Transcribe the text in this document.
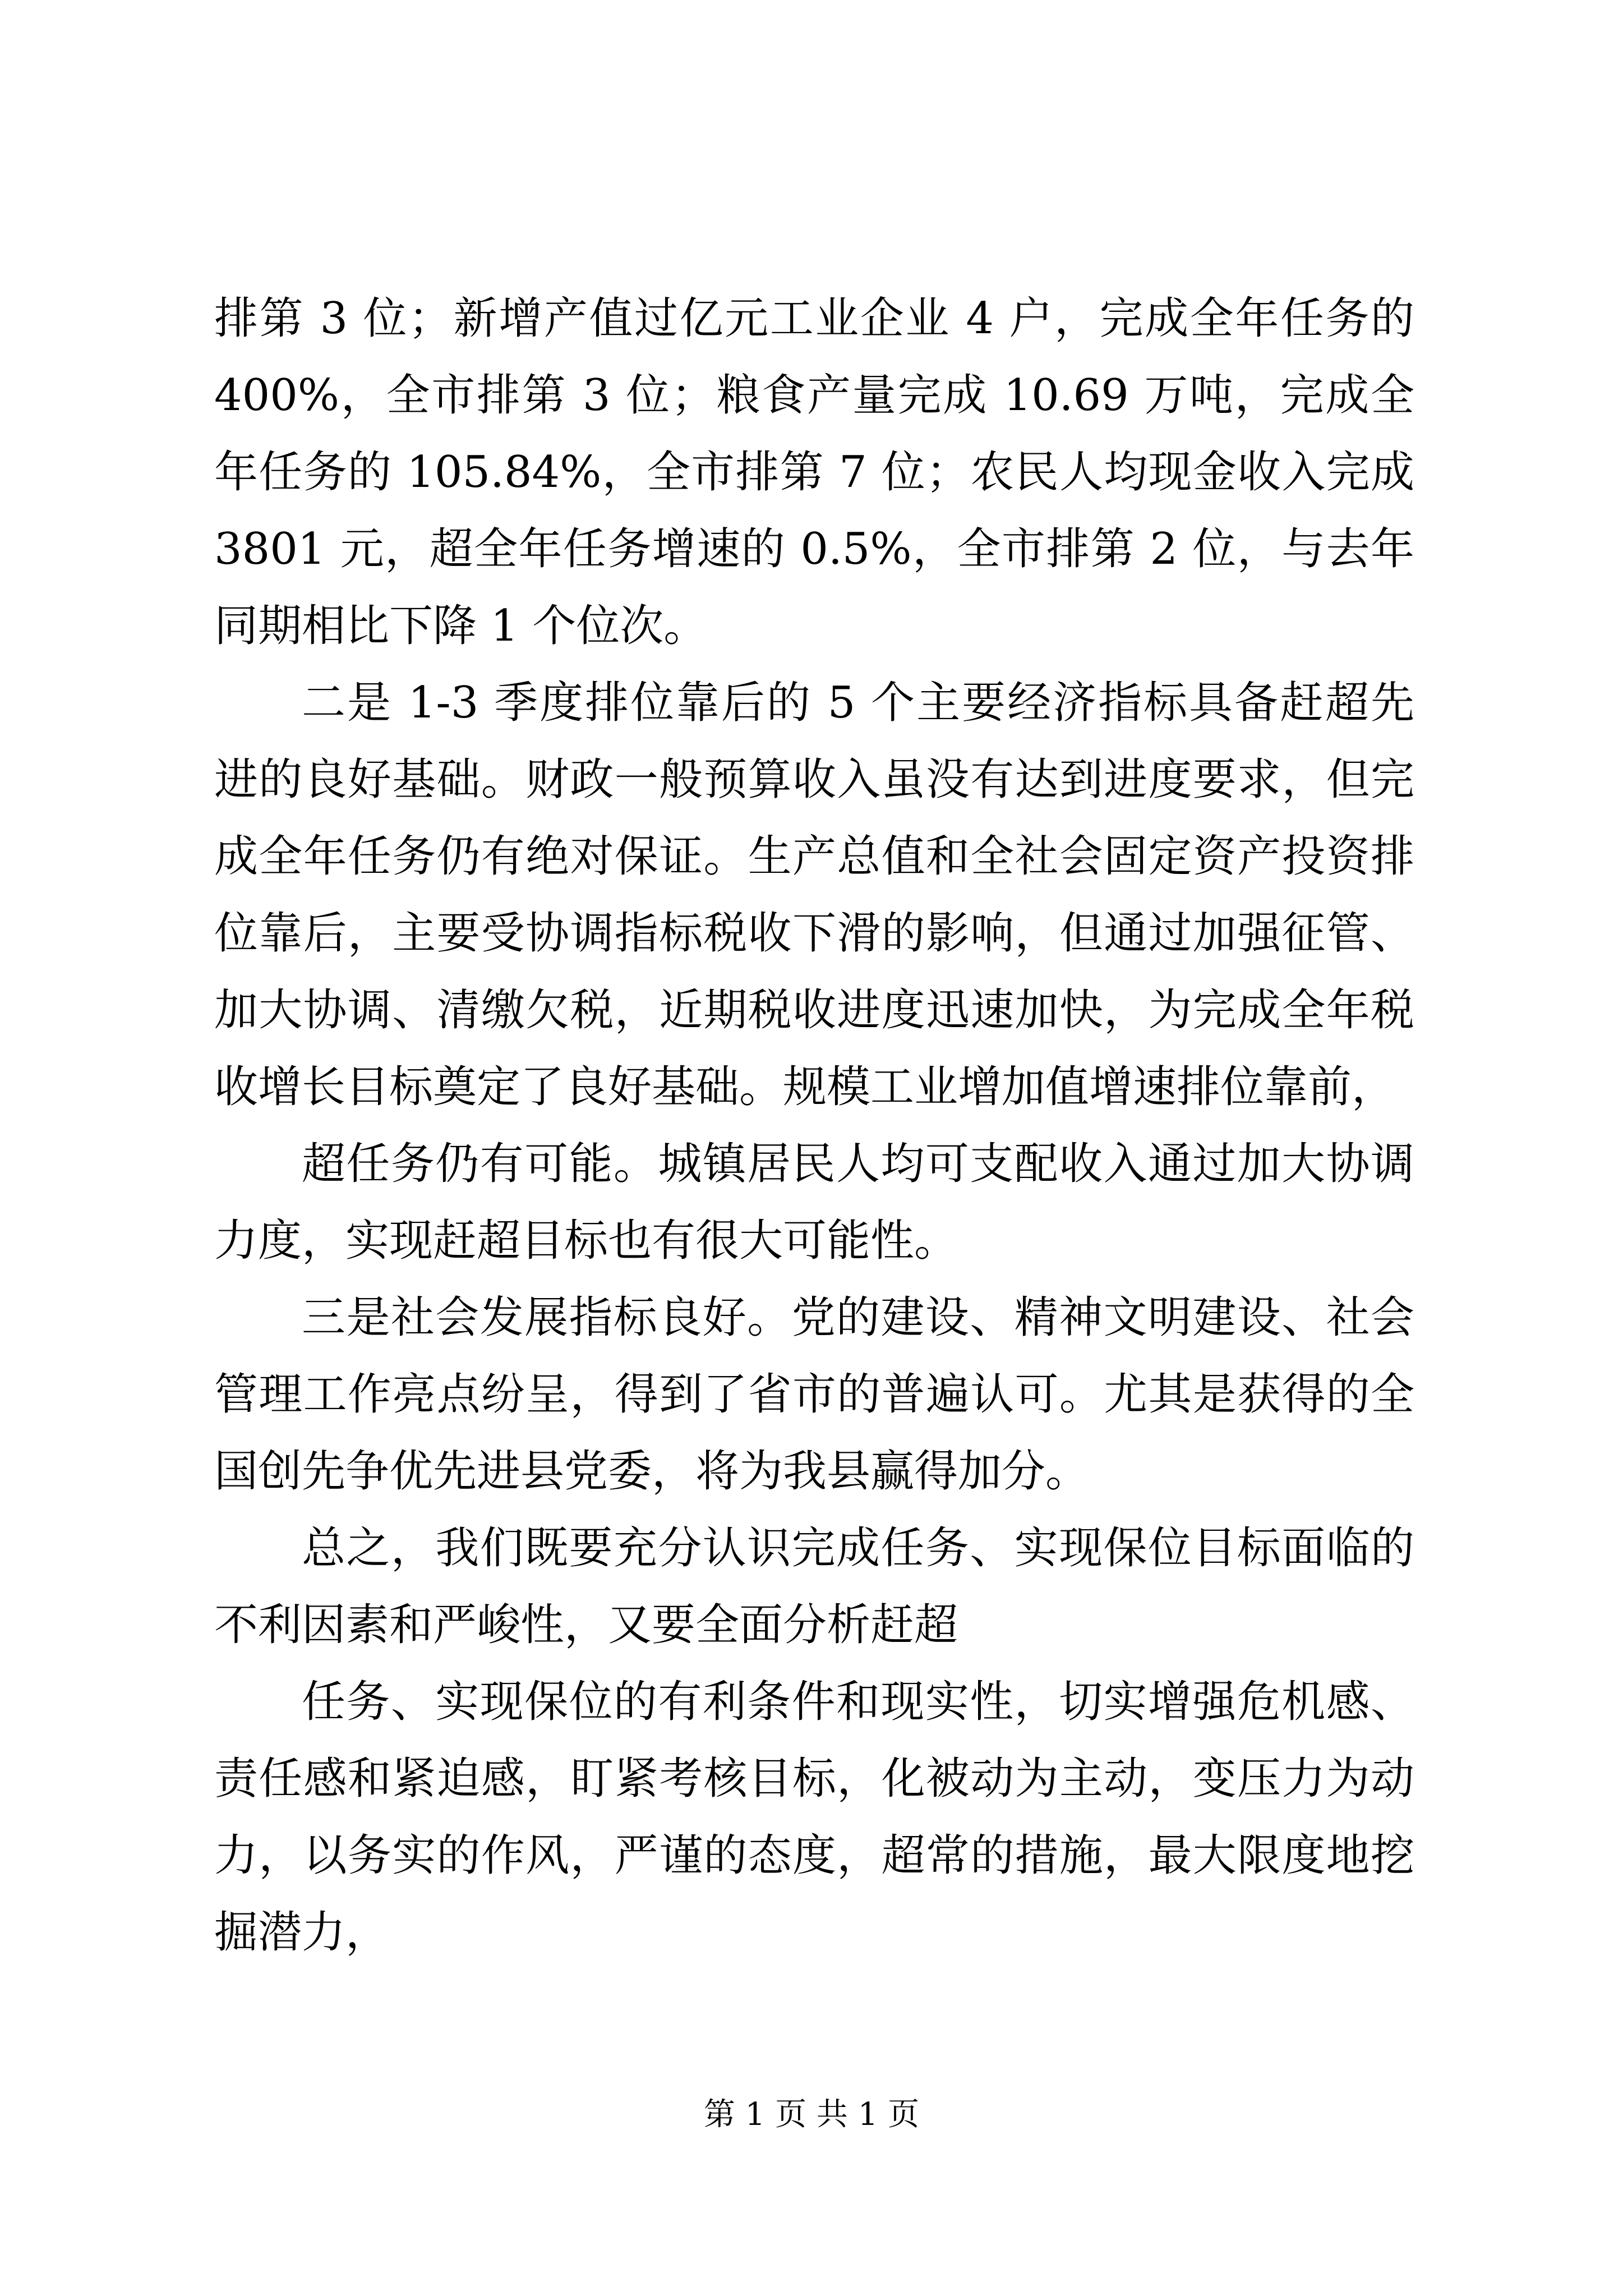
排第 3 位；新增产值过亿元工业企业 4 户，完成全年任务的 400%，全市排第 3 位；粮食产量完成 10.69 万吨，完成全年任务的 105.84%，全市排第 7 位；农民人均现金收入完成 3801 元，超全年任务增速的 0.5%，全市排第 2 位，与去年同期相比下降 1 个位次。

二是 1-3 季度排位靠后的 5 个主要经济指标具备赶超先进的良好基础。财政一般预算收入虽没有达到进度要求，但完成全年任务仍有绝对保证。生产总值和全社会固定资产投资排位靠后，主要受协调指标税收下滑的影响，但通过加强征管、加大协调、清缴欠税，近期税收进度迅速加快，为完成全年税收增长目标奠定了良好基础。规模工业增加值增速排位靠前，

超任务仍有可能。城镇居民人均可支配收入通过加大协调力度，实现赶超目标也有很大可能性。

三是社会发展指标良好。党的建设、精神文明建设、社会管理工作亮点纷呈，得到了省市的普遍认可。尤其是获得的全国创先争优先进县党委，将为我县赢得加分。

总之，我们既要充分认识完成任务、实现保位目标面临的不利因素和严峻性，又要全面分析赶超

任务、实现保位的有利条件和现实性，切实增强危机感、责任感和紧迫感，盯紧考核目标，化被动为主动，变压力为动力，以务实的作风，严谨的态度，超常的措施，最大限度地挖掘潜力，

第 1 页 共 1 页
